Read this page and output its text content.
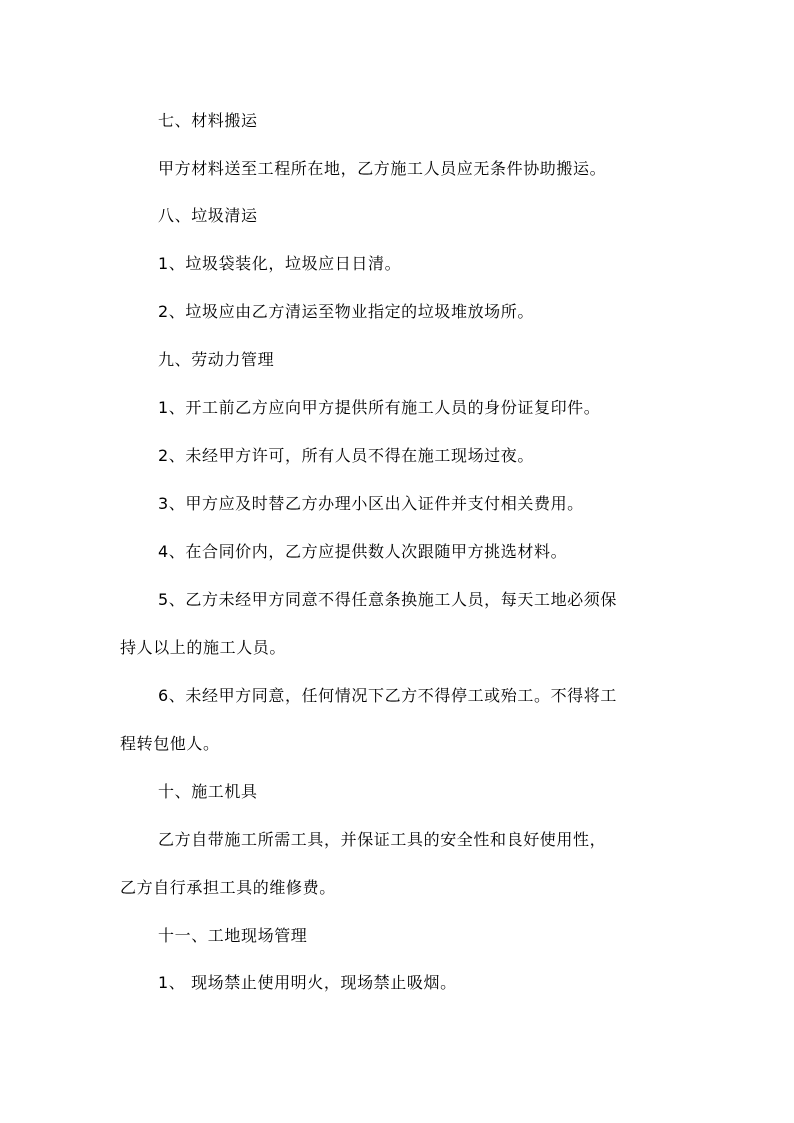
七、材料搬运
甲方材料送至工程所在地，乙方施工人员应无条件协助搬运。
八、垃圾清运
1、垃圾袋装化，垃圾应日日清。
2、垃圾应由乙方清运至物业指定的垃圾堆放场所。
九、劳动力管理
1、开工前乙方应向甲方提供所有施工人员的身份证复印件。
2、未经甲方许可，所有人员不得在施工现场过夜。
3、甲方应及时替乙方办理小区出入证件并支付相关费用。
4、在合同价内，乙方应提供数人次跟随甲方挑选材料。
5、乙方未经甲方同意不得任意条换施工人员，每天工地必须保
持人以上的施工人员。
6、未经甲方同意，任何情况下乙方不得停工或殆工。不得将工
程转包他人。
十、施工机具
乙方自带施工所需工具，并保证工具的安全性和良好使用性，
乙方自行承担工具的维修费。
十一、工地现场管理
1、 现场禁止使用明火，现场禁止吸烟。
